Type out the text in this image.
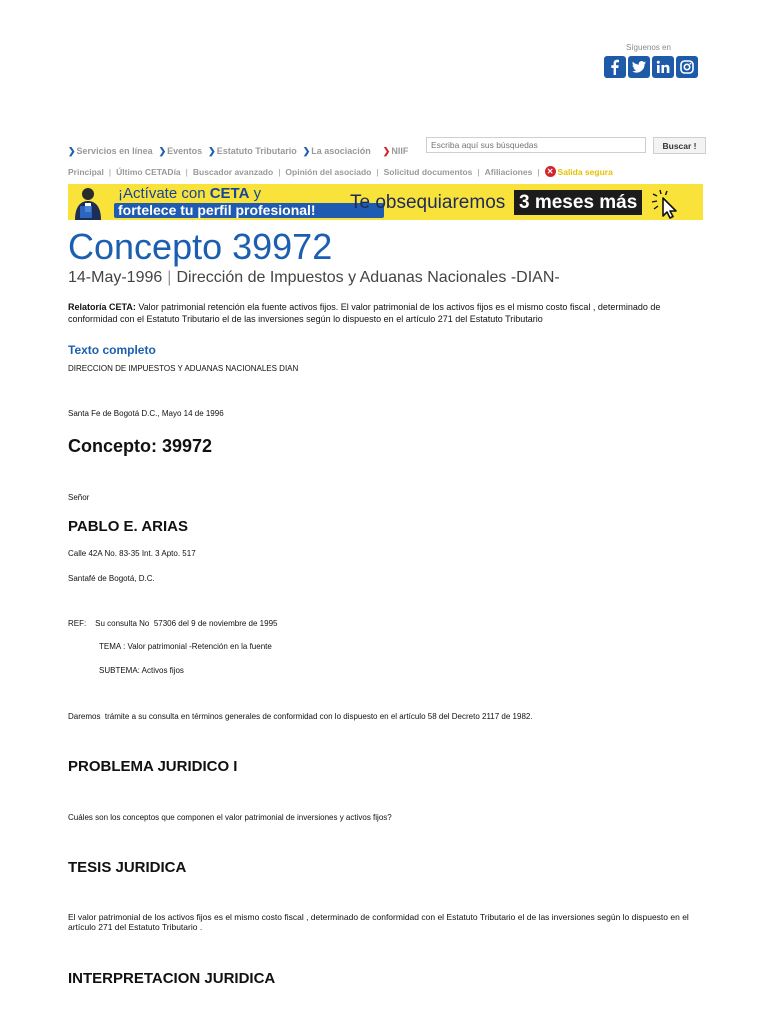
Síguenos en
❯Servicios en línea ❯Eventos ❯Estatuto Tributario ❯La asociación ❯NIIF
Escriba aquí sus búsquedas
Buscar !
Principal | Último CETADía | Buscador avanzado | Opinión del asociado | Solicitud documentos | Afiliaciones | ✕ Salida segura
¡Actívate con CETA y
fortelece tu perfil profesional! Te obsequiaremos 3 meses más
Concepto 39972
14-May-1996 | Dirección de Impuestos y Aduanas Nacionales -DIAN-
Relatoría CETA: Valor patrimonial retención ela fuente activos fijos. El valor patrimonial de los activos fijos es el mismo costo fiscal , determinado de conformidad con el Estatuto Tributario el de las inversiones según lo dispuesto en el artículo 271 del Estatuto Tributario
Texto completo
DIRECCION DE IMPUESTOS Y ADUANAS NACIONALES DIAN
Santa Fe de Bogotá D.C., Mayo 14 de 1996
Concepto: 39972
Señor
PABLO E. ARIAS
Calle 42A No. 83-35 Int. 3 Apto. 517
Santafé de Bogotá, D.C.
REF:    Su consulta No  57306 del 9 de noviembre de 1995
TEMA : Valor patrimonial -Retención en la fuente
SUBTEMA: Activos fijos
Daremos  trámite a su consulta en términos generales de conformidad con lo dispuesto en el artículo 58 del Decreto 2117 de 1982.
PROBLEMA JURIDICO I
Cuáles son los conceptos que componen el valor patrimonial de inversiones y activos fijos?
TESIS JURIDICA
El valor patrimonial de los activos fijos es el mismo costo fiscal , determinado de conformidad con el Estatuto Tributario el de las inversiones según lo dispuesto en el artículo 271 del Estatuto Tributario .
INTERPRETACION JURIDICA
